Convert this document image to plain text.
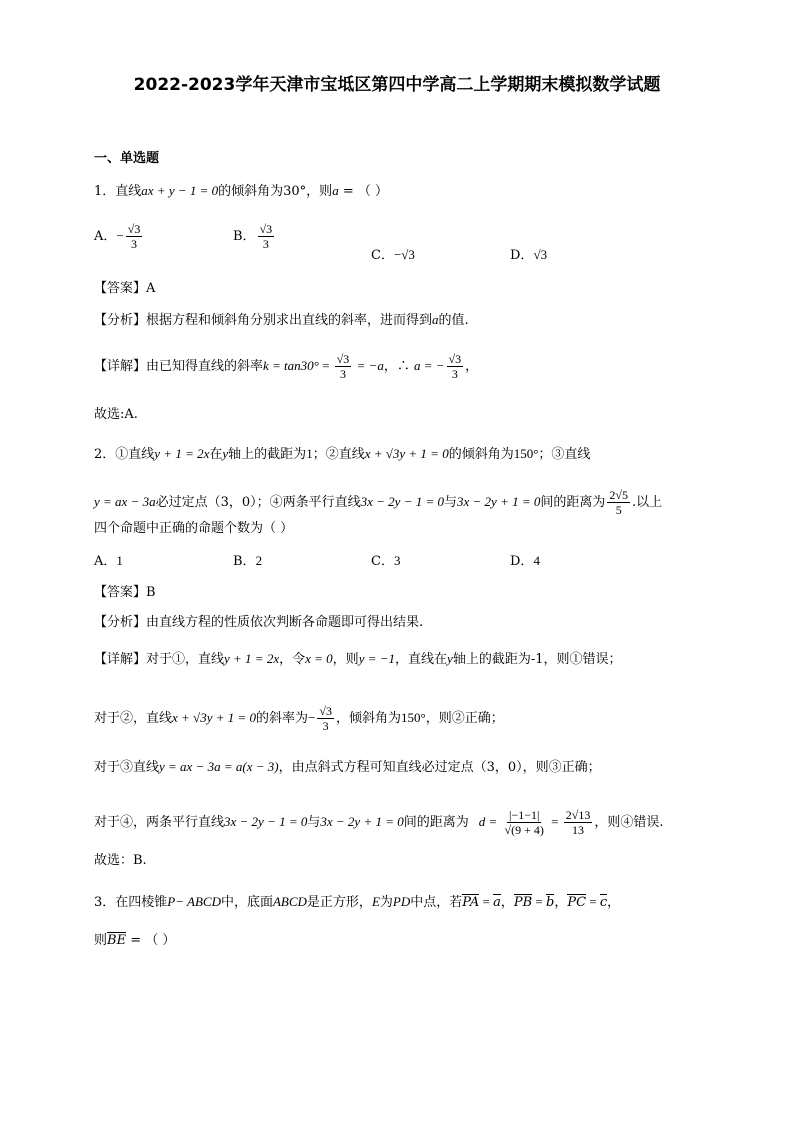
2022-2023学年天津市宝坻区第四中学高二上学期期末模拟数学试题
一、单选题
1．直线ax + y − 1 = 0的倾斜角为30°，则a = （ ）
A．− $\frac{√3}{3}$	B． $\frac{√3}{3}$
C．−√3	D．√3
【答案】A
【分析】根据方程和倾斜角分别求出直线的斜率，进而得到a的值.
【详解】由已知得直线的斜率$k = \tan 30^\circ = \frac{√3}{3} = -a$，∴ a = − $\frac{√3}{3}$ ，
故选:A.
2．①直线y + 1 = 2x在y轴上的截距为1；②直线x + √3y + 1 = 0的倾斜角为150°；③直线
y = ax − 3a必过定点（3，0）；④两条平行直线3x − 2y − 1 = 0与3x − 2y + 1 = 0间的距离为 $\frac{2√5}{5}$ .以上
四个命题中正确的命题个数为（ ）
A．1	B．2	C．3	D．4
【答案】B
【分析】由直线方程的性质依次判断各命题即可得出结果.
【详解】对于①，直线y + 1 = 2x，令x = 0，则y = −1，直线在y轴上的截距为-1，则①错误；
对于②，直线x + √3y + 1 = 0的斜率为− $\frac{√3}{3}$ ，倾斜角为150°，则②正确；
对于③直线y = ax − 3a = a(x − 3)，由点斜式方程可知直线必过定点（3，0），则③正确；
对于④，两条平行直线3x − 2y − 1 = 0与3x − 2y + 1 = 0间的距离为 $d = \frac{|-1-1|}{√(9 + 4)} = \frac{2√13}{13}$ ，则④错误.
故选：B.
3．在四棱锥P− ABCD中，底面ABCD是正方形，E为PD中点，若PA = a，PB = b，PC = c，
则BE = （ ）
